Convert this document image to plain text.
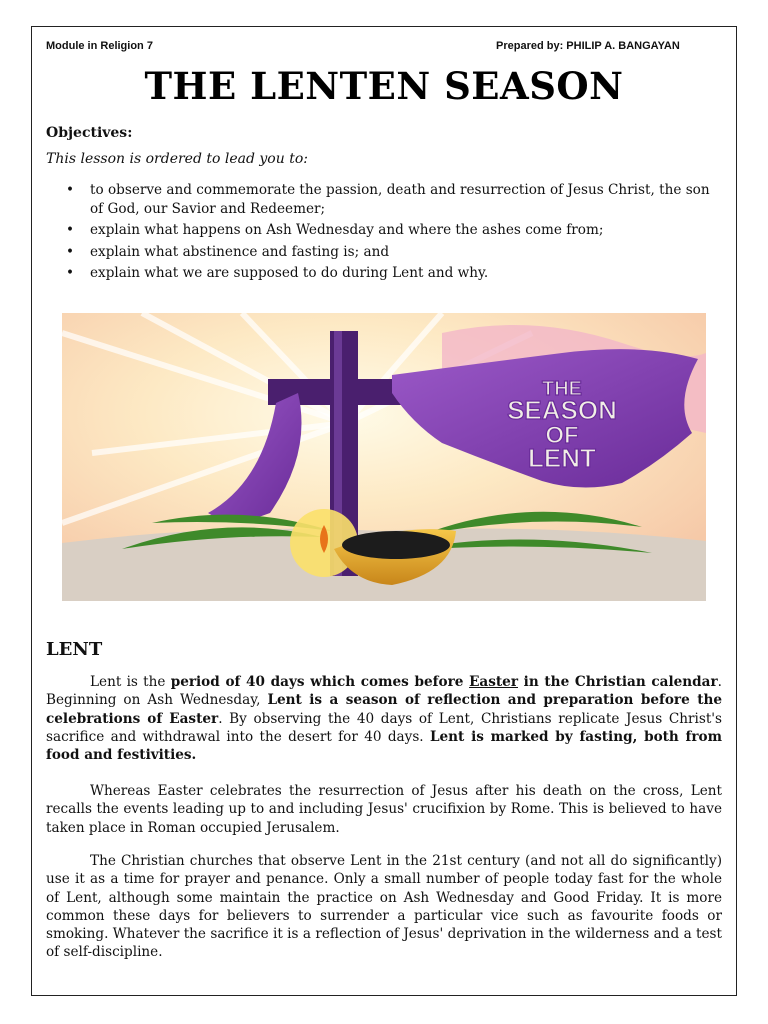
Module in Religion 7	Prepared by: PHILIP A. BANGAYAN
THE LENTEN SEASON
Objectives:
This lesson is ordered to lead you to:
• to observe and commemorate the passion, death and resurrection of Jesus Christ, the son of God, our Savior and Redeemer;
• explain what happens on Ash Wednesday and where the ashes come from;
• explain what abstinence and fasting is; and
• explain what we are supposed to do during Lent and why.
THE
SEASON
OF
LENT
LENT

Lent is the period of 40 days which comes before Easter in the Christian calendar. Beginning on Ash Wednesday, Lent is a season of reflection and preparation before the celebrations of Easter. By observing the 40 days of Lent, Christians replicate Jesus Christ's sacrifice and withdrawal into the desert for 40 days. Lent is marked by fasting, both from food and festivities.

Whereas Easter celebrates the resurrection of Jesus after his death on the cross, Lent recalls the events leading up to and including Jesus' crucifixion by Rome. This is believed to have taken place in Roman occupied Jerusalem.

The Christian churches that observe Lent in the 21st century (and not all do significantly) use it as a time for prayer and penance. Only a small number of people today fast for the whole of Lent, although some maintain the practice on Ash Wednesday and Good Friday. It is more common these days for believers to surrender a particular vice such as favourite foods or smoking. Whatever the sacrifice it is a reflection of Jesus' deprivation in the wilderness and a test of self-discipline.
